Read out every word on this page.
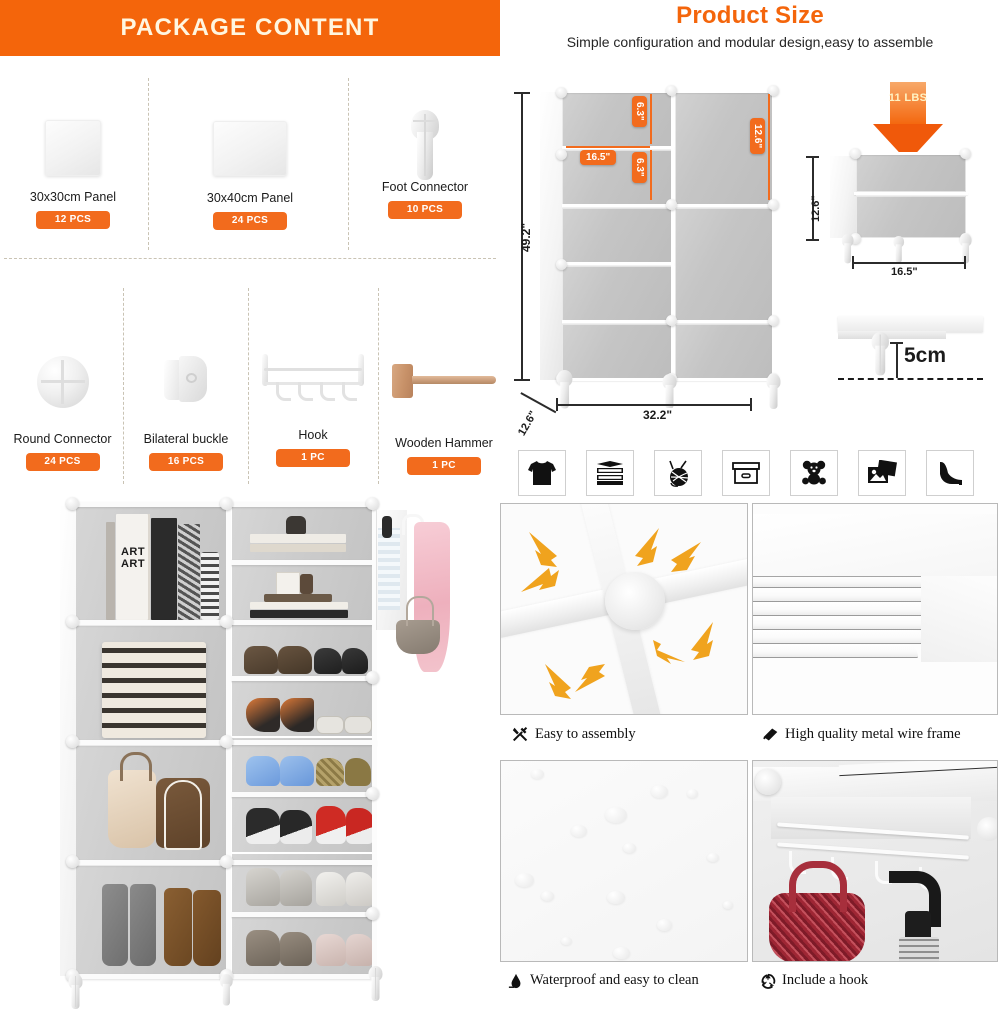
PACKAGE CONTENT
30x30cm Panel
12 PCS
30x40cm Panel
24 PCS
Foot Connector
10 PCS
Round Connector
24 PCS
Bilateral buckle
16 PCS
Hook
1 PC
Wooden Hammer
1 PC
Product Size
Simple configuration and modular design,easy to assemble
6.3"
6.3"
16.5"
12.6"
49.2"
32.2"
12.6"
11 LBS
12.6"
16.5"
5cm
Easy to assembly	High quality metal wire frame
Waterproof and easy to clean	Include a hook
ART
ART
